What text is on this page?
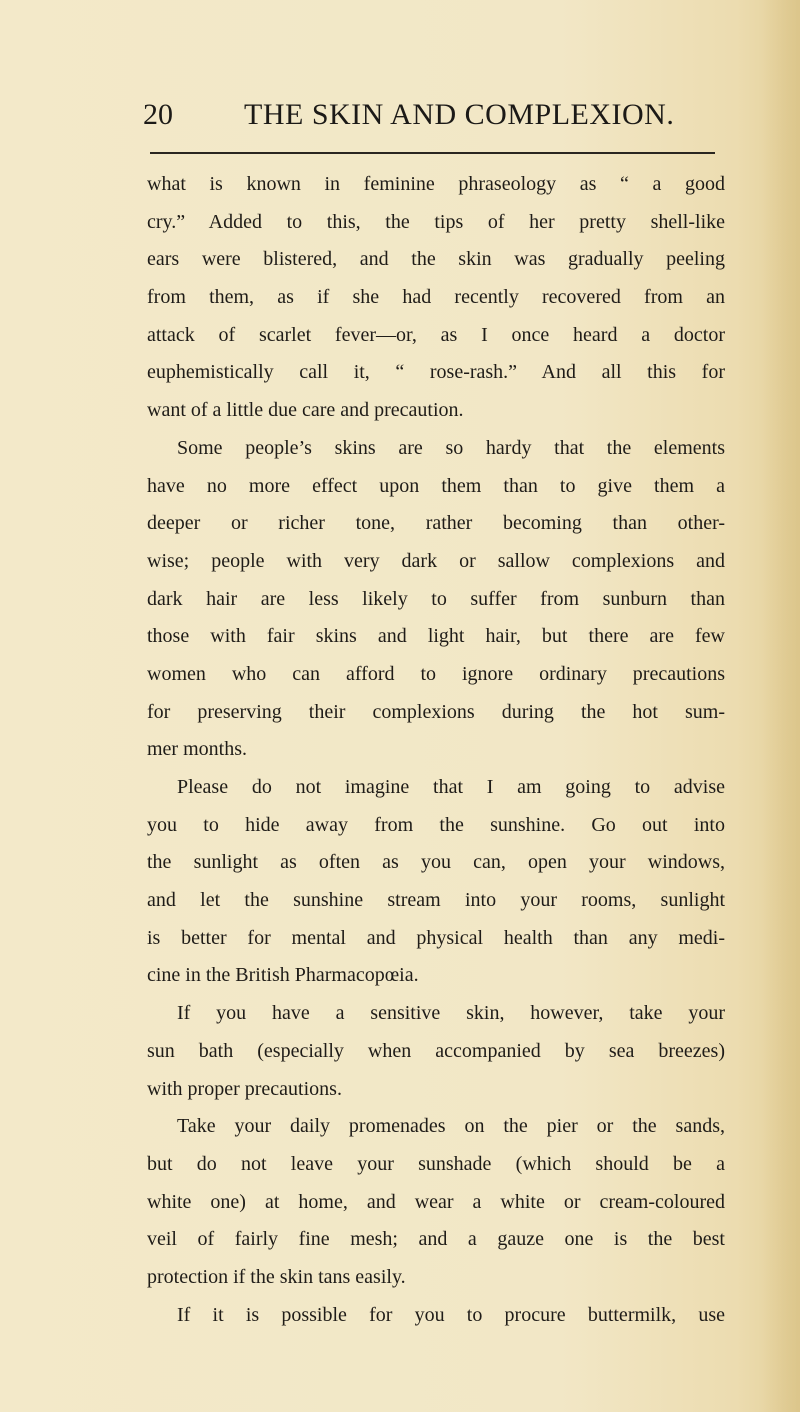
20 THE SKIN AND COMPLEXION.
what is known in feminine phraseology as “ a good
cry.” Added to this, the tips of her pretty shell-like
ears were blistered, and the skin was gradually peeling
from them, as if she had recently recovered from an
attack of scarlet fever—or, as I once heard a doctor
euphemistically call it, “ rose-rash.” And all this for
want of a little due care and precaution.
Some people’s skins are so hardy that the elements
have no more effect upon them than to give them a
deeper or richer tone, rather becoming than other-
wise; people with very dark or sallow complexions and
dark hair are less likely to suffer from sunburn than
those with fair skins and light hair, but there are few
women who can afford to ignore ordinary precautions
for preserving their complexions during the hot sum-
mer months.
Please do not imagine that I am going to advise
you to hide away from the sunshine. Go out into
the sunlight as often as you can, open your windows,
and let the sunshine stream into your rooms, sunlight
is better for mental and physical health than any medi-
cine in the British Pharmacopœia.
If you have a sensitive skin, however, take your
sun bath (especially when accompanied by sea breezes)
with proper precautions.
Take your daily promenades on the pier or the sands,
but do not leave your sunshade (which should be a
white one) at home, and wear a white or cream-coloured
veil of fairly fine mesh; and a gauze one is the best
protection if the skin tans easily.
If it is possible for you to procure buttermilk, use
